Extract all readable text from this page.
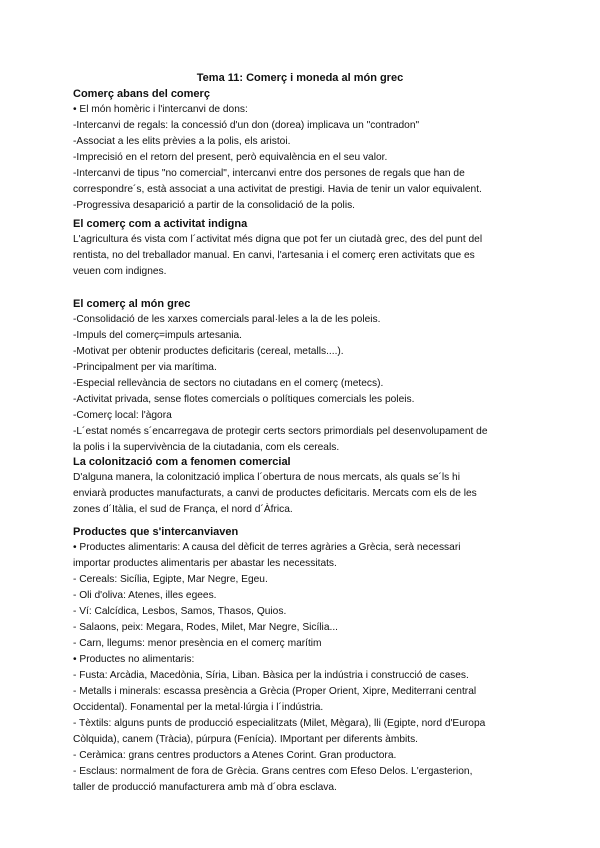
Tema 11: Comerç i moneda al món grec
Comerç abans del comerç
• El món homèric i l'intercanvi de dons:
-Intercanvi de regals: la concessió d'un don (dorea) implicava un "contradon"
-Associat a les elits prèvies a la polis, els aristoi.
-Imprecisió en el retorn del present, però equivalència en el seu valor.
-Intercanvi de tipus "no comercial", intercanvi entre dos persones de regals que han de
correspondre´s, està associat a una activitat de prestigi. Havia de tenir un valor equivalent.
-Progressiva desaparició a partir de la consolidació de la polis.
El comerç com a activitat indigna
L'agricultura és vista com l´activitat més digna que pot fer un ciutadà grec, des del punt del
rentista, no del treballador manual. En canvi, l'artesania i el comerç eren activitats que es
veuen com indignes.
El comerç al món grec
-Consolidació de les xarxes comercials paral·leles a la de les poleis.
-Impuls del comerç=impuls artesania.
-Motivat per obtenir productes deficitaris (cereal, metalls....).
-Principalment per via marítima.
-Especial rellevància de sectors no ciutadans en el comerç (metecs).
-Activitat privada, sense flotes comercials o polítiques comercials les poleis.
-Comerç local: l'àgora
-L´estat només s´encarregava de protegir certs sectors primordials pel desenvolupament de
la polis i la supervivència de la ciutadania, com els cereals.
La colonització com a fenomen comercial
D'alguna manera, la colonització implica l´obertura de nous mercats, als quals se´ls hi
enviarà productes manufacturats, a canvi de productes deficitaris. Mercats com els de les
zones d´Itàlia, el sud de França, el nord d´Àfrica.
Productes que s'intercanviaven
• Productes alimentaris: A causa del dèficit de terres agràries a Grècia, serà necessari
importar productes alimentaris per abastar les necessitats.
- Cereals: Sicília, Egipte, Mar Negre, Egeu.
- Oli d'oliva: Atenes, illes egees.
- Ví: Calcídica, Lesbos, Samos, Thasos, Quios.
- Salaons, peix: Megara, Rodes, Milet, Mar Negre, Sicília...
- Carn, llegums: menor presència en el comerç marítim
• Productes no alimentaris:
- Fusta: Arcàdia, Macedònia, Síria, Liban. Bàsica per la indústria i construcció de cases.
- Metalls i minerals: escassa presència a Grècia (Proper Orient, Xipre, Mediterrani central
Occidental). Fonamental per la metal·lúrgia i l´indústria.
- Tèxtils: alguns punts de producció especialitzats (Milet, Mègara), lli (Egipte, nord d'Europa
Còlquida), canem (Tràcia), púrpura (Fenícia). IMportant per diferents àmbits.
- Ceràmica: grans centres productors a Atenes Corint. Gran productora.
- Esclaus: normalment de fora de Grècia. Grans centres com Efeso Delos. L'ergasterion,
taller de producció manufacturera amb mà d´obra esclava.
